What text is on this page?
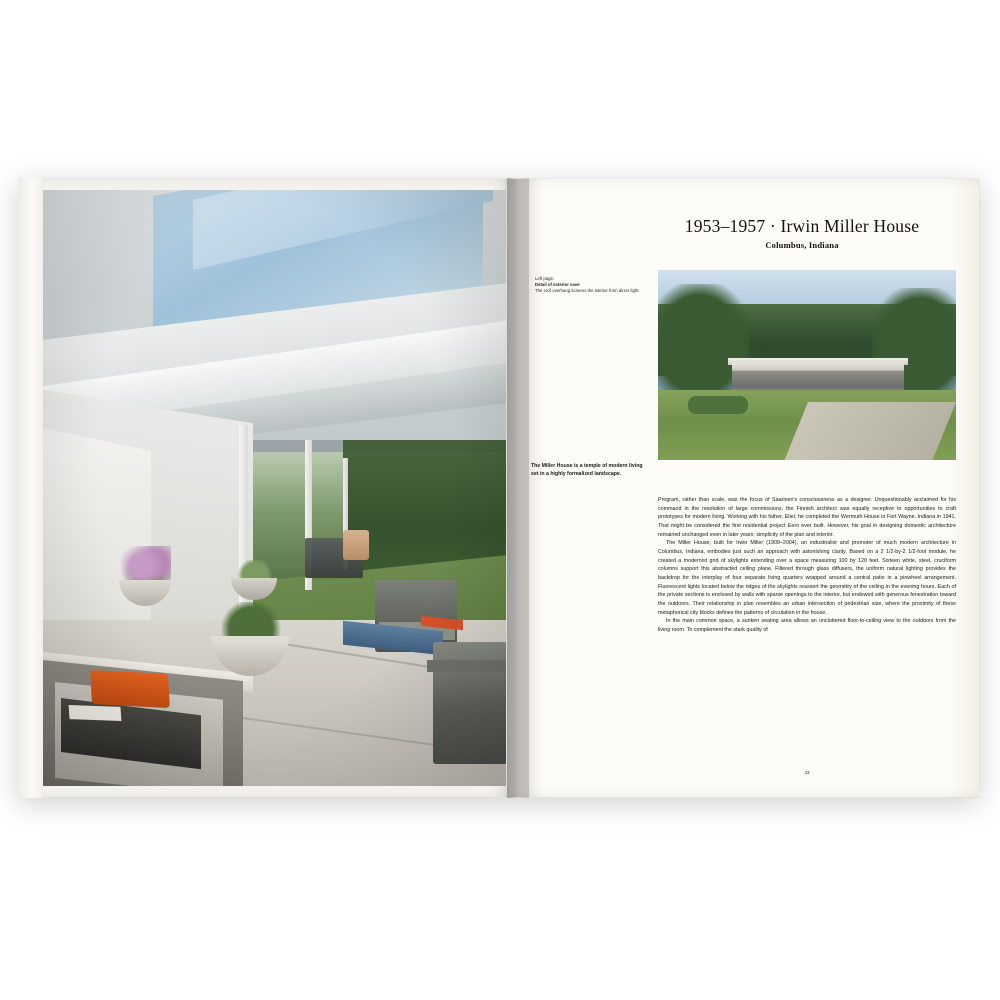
1953–1957 · Irwin Miller House
Columbus, Indiana
Left page:
Detail of exterior eave
The roof overhang screens the interior from direct light.
The Miller House is a temple of modern living set in a highly formalized landscape.

Program, rather than scale, was the focus of Saarinen's consciousness as a designer. Unquestionably acclaimed for his command in the resolution of large commissions, the Finnish architect was equally receptive to opportunities to craft prototypes for modern living. Working with his father, Eliel, he completed the Wermuth House in Fort Wayne, Indiana in 1941. That might be considered the first residential project Eero ever built. However, his goal in designing domestic architecture remained unchanged even in later years: simplicity of the plan and interior.

The Miller House, built for Irwin Miller (1909–2004), an industrialist and promoter of much modern architecture in Columbus, Indiana, embodies just such an approach with astonishing clarity. Based on a 2 1/2-by-2 1/2-foot module, he created a modernist grid of skylights extending over a space measuring 100 by 120 feet. Sixteen white, steel, cruciform columns support this abstracted ceiling plane. Filtered through glass diffusers, the uniform natural lighting provides the backdrop for the interplay of four separate living quarters wrapped around a central patio in a pinwheel arrangement. Fluorescent lights located below the ridges of the skylights reassert the geometry of the ceiling in the evening hours. Each of the private sections is enclosed by walls with sparse openings to the interior, but endowed with generous fenestration toward the outdoors. Their relationship in plan resembles an urban intersection of pedestrian size, where the proximity of these metaphorical city blocks defines the patterns of circulation in the house.

In the main common space, a sunken seating area allows an uncluttered floor-to-ceiling view to the outdoors from the living room. To complement the stark quality of

43
